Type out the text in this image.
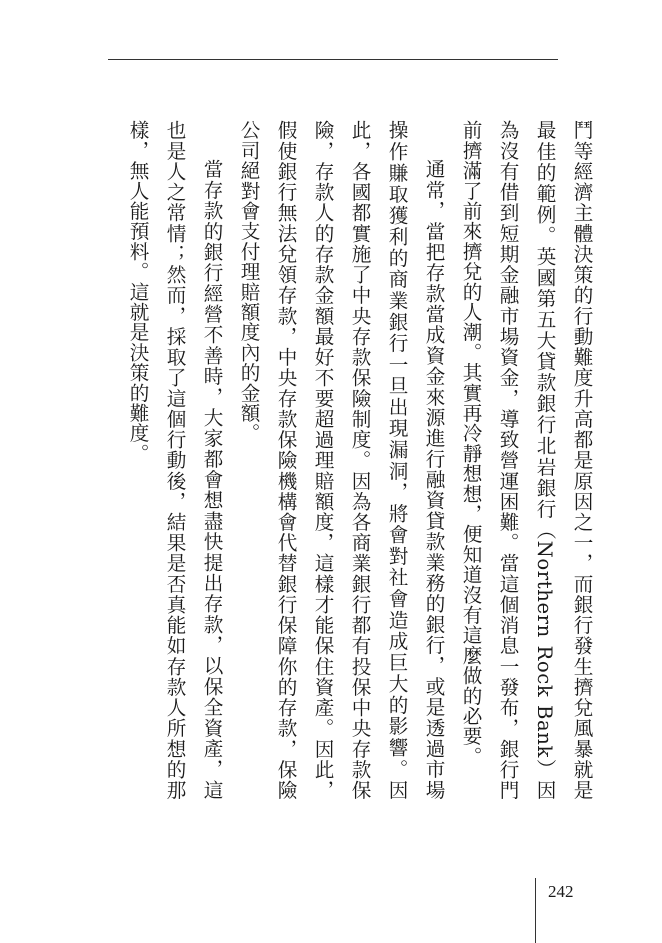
鬥等經濟主體決策的行動難度升高都是原因之一，而銀行發生擠兌風暴就是最佳的範例。英國第五大貸款銀行北岩銀行（Northern Rock Bank）因為沒有借到短期金融市場資金，導致營運困難。當這個消息一發布，銀行門前擠滿了前來擠兌的人潮。其實再冷靜想想，便知道沒有這麼做的必要。

通常，當把存款當成資金來源進行融資貸款業務的銀行，或是透過市場操作賺取獲利的商業銀行一旦出現漏洞，將會對社會造成巨大的影響。因此，各國都實施了中央存款保險制度。因為各商業銀行都有投保中央存款保險，存款人的存款金額最好不要超過理賠額度，這樣才能保住資產。因此，假使銀行無法兌領存款，中央存款保險機構會代替銀行保障你的存款，保險公司絕對會支付理賠額度內的金額。

當存款的銀行經營不善時，大家都會想盡快提出存款，以保全資產，這也是人之常情；然而，採取了這個行動後，結果是否真能如存款人所想的那樣，無人能預料。這就是決策的難度。

242
